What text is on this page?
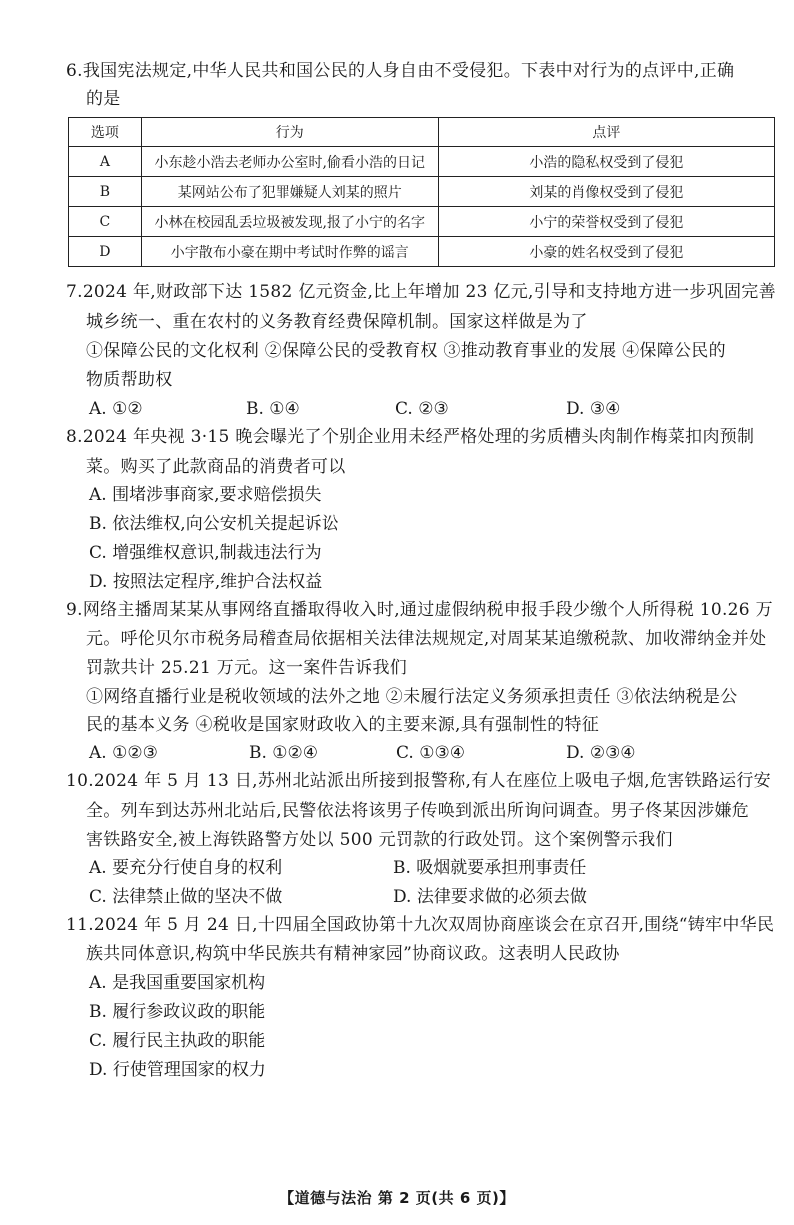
6.我国宪法规定,中华人民共和国公民的人身自由不受侵犯。下表中对行为的点评中,正确
的是
选项	行为	点评
A	小东趁小浩去老师办公室时,偷看小浩的日记	小浩的隐私权受到了侵犯
B	某网站公布了犯罪嫌疑人刘某的照片	刘某的肖像权受到了侵犯
C	小林在校园乱丢垃圾被发现,报了小宁的名字	小宁的荣誉权受到了侵犯
D	小宇散布小豪在期中考试时作弊的谣言	小豪的姓名权受到了侵犯
7.2024 年,财政部下达 1582 亿元资金,比上年增加 23 亿元,引导和支持地方进一步巩固完善
城乡统一、重在农村的义务教育经费保障机制。国家这样做是为了
①保障公民的文化权利 ②保障公民的受教育权 ③推动教育事业的发展 ④保障公民的
物质帮助权
A. ①②	B. ①④	C. ②③	D. ③④
8.2024 年央视 3·15 晚会曝光了个别企业用未经严格处理的劣质槽头肉制作梅菜扣肉预制
菜。购买了此款商品的消费者可以
A. 围堵涉事商家,要求赔偿损失
B. 依法维权,向公安机关提起诉讼
C. 增强维权意识,制裁违法行为
D. 按照法定程序,维护合法权益
9.网络主播周某某从事网络直播取得收入时,通过虚假纳税申报手段少缴个人所得税 10.26 万
元。呼伦贝尔市税务局稽查局依据相关法律法规规定,对周某某追缴税款、加收滞纳金并处
罚款共计 25.21 万元。这一案件告诉我们
①网络直播行业是税收领域的法外之地 ②未履行法定义务须承担责任 ③依法纳税是公
民的基本义务 ④税收是国家财政收入的主要来源,具有强制性的特征
A. ①②③	B. ①②④	C. ①③④	D. ②③④
10.2024 年 5 月 13 日,苏州北站派出所接到报警称,有人在座位上吸电子烟,危害铁路运行安
全。列车到达苏州北站后,民警依法将该男子传唤到派出所询问调查。男子佟某因涉嫌危
害铁路安全,被上海铁路警方处以 500 元罚款的行政处罚。这个案例警示我们
A. 要充分行使自身的权利	B. 吸烟就要承担刑事责任
C. 法律禁止做的坚决不做	D. 法律要求做的必须去做
11.2024 年 5 月 24 日,十四届全国政协第十九次双周协商座谈会在京召开,围绕“铸牢中华民
族共同体意识,构筑中华民族共有精神家园”协商议政。这表明人民政协
A. 是我国重要国家机构
B. 履行参政议政的职能
C. 履行民主执政的职能
D. 行使管理国家的权力
【道德与法治 第 2 页(共 6 页)】
